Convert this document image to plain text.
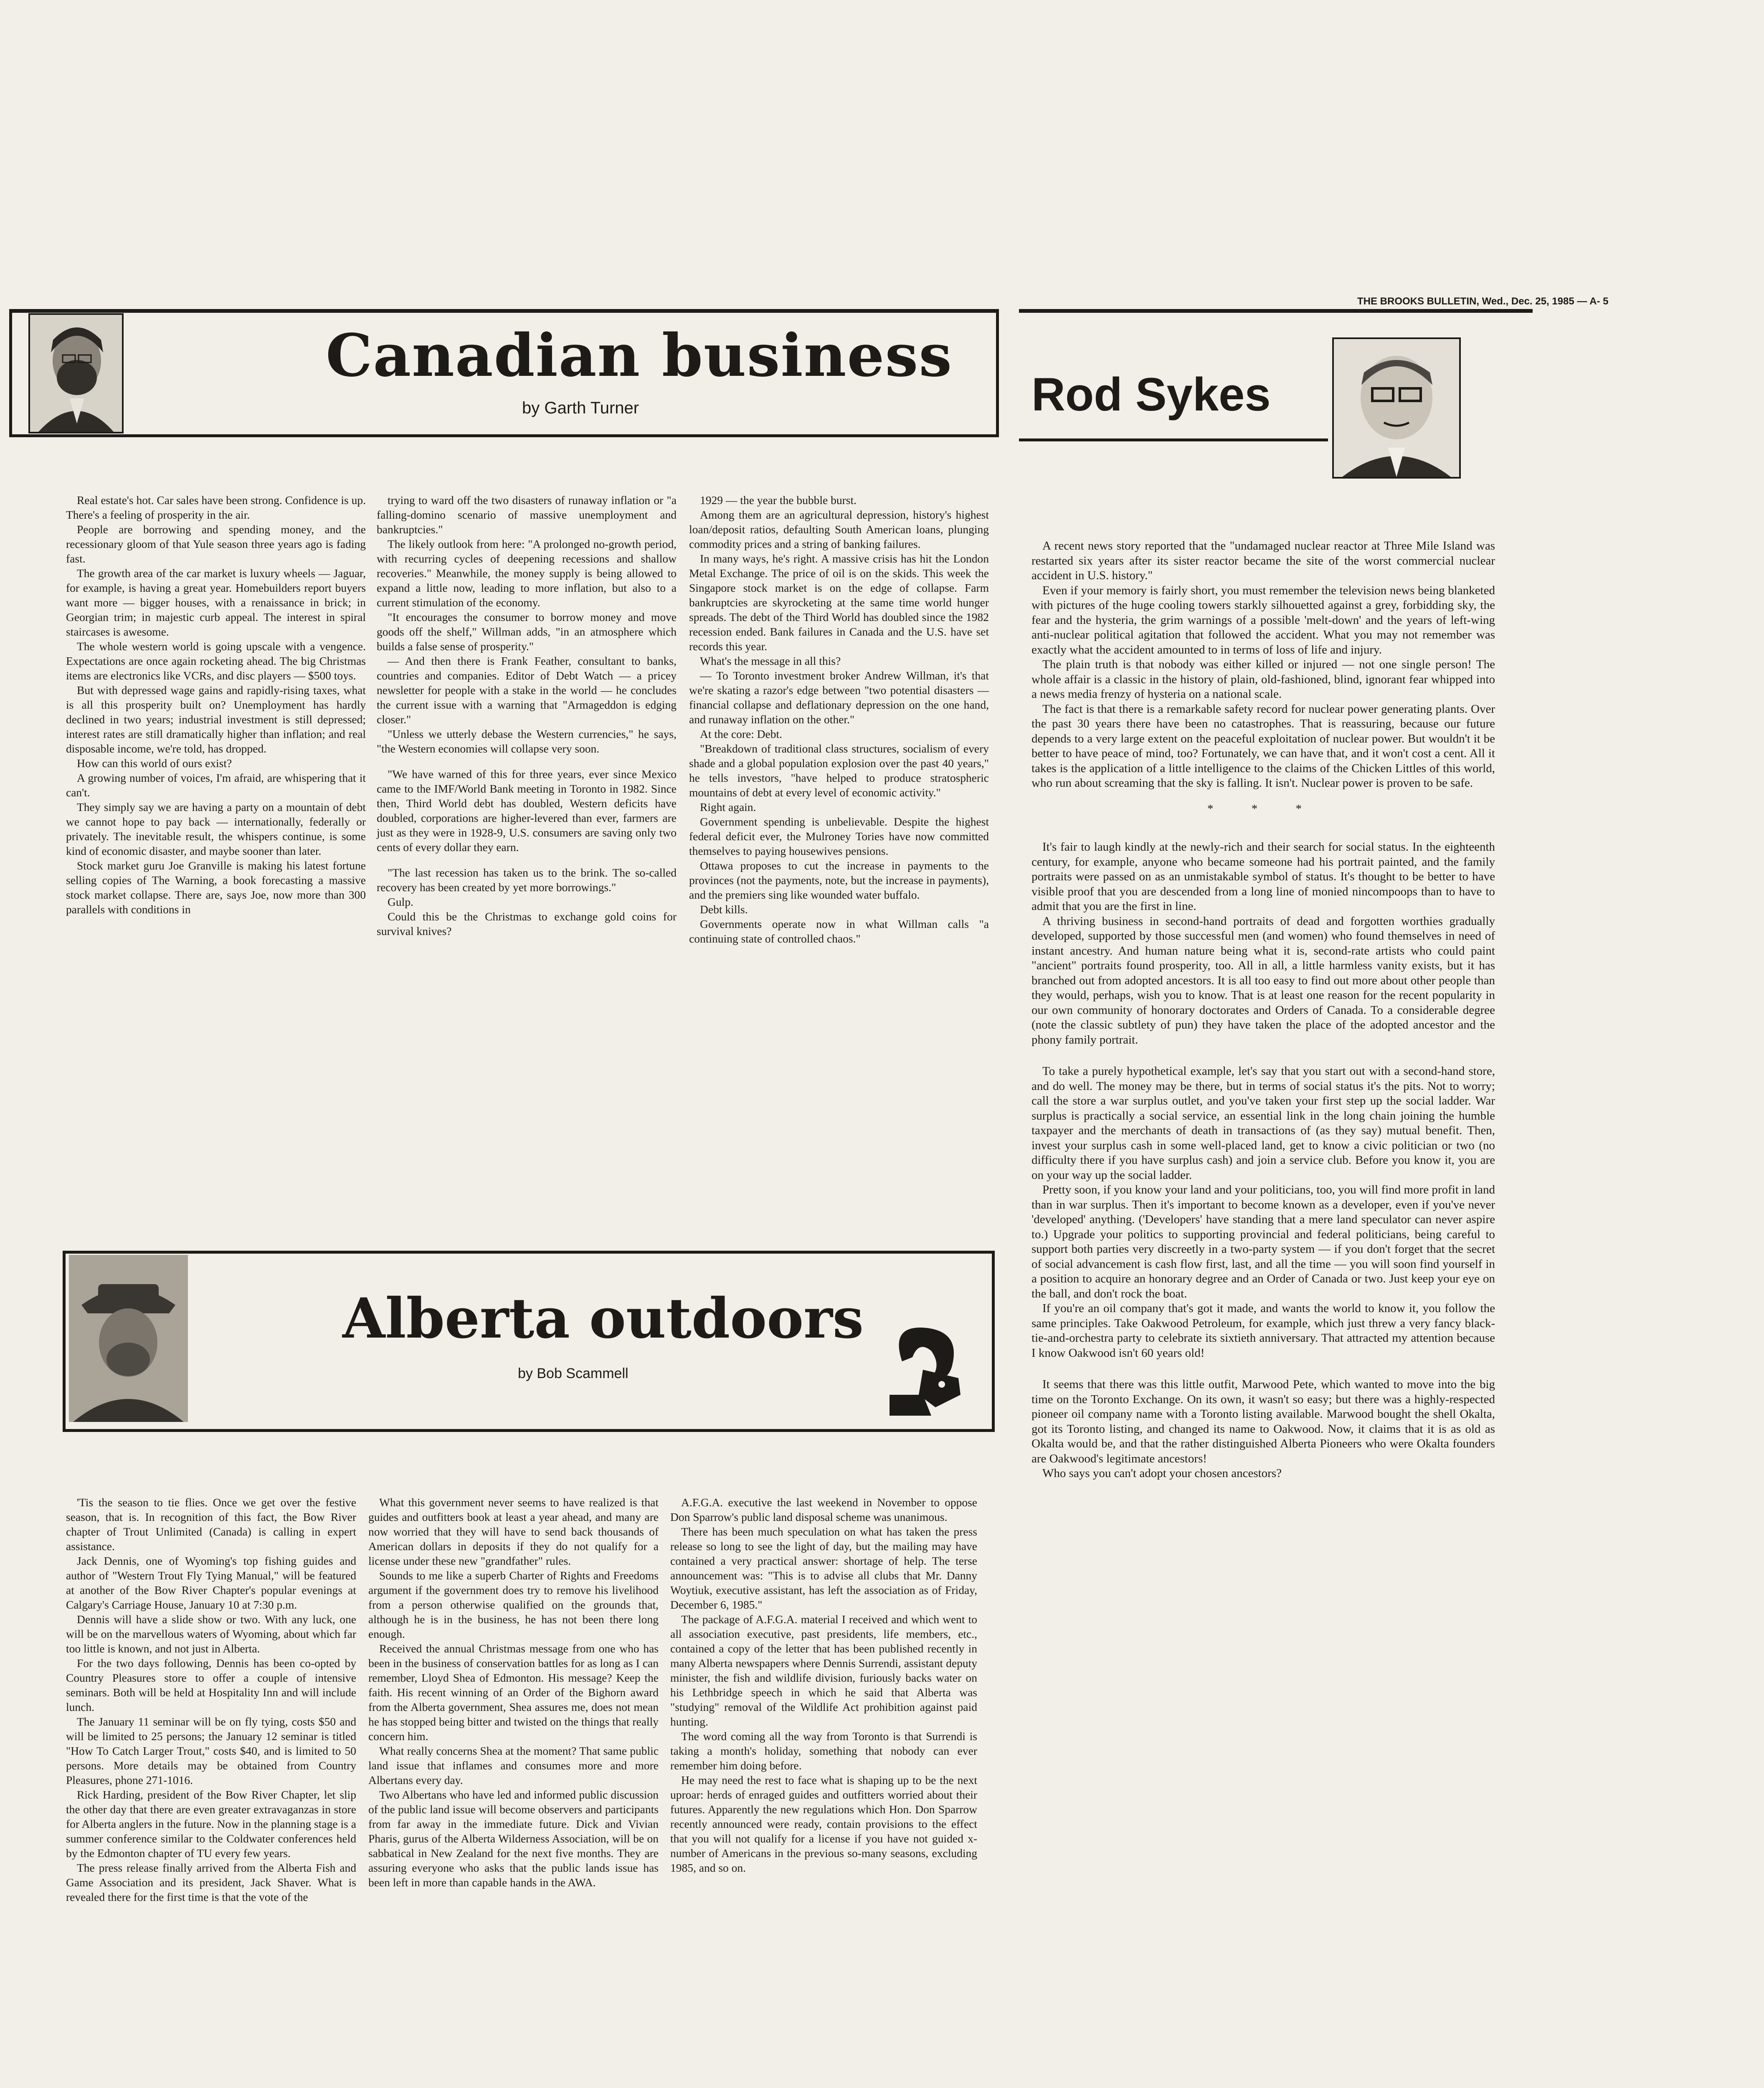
THE BROOKS BULLETIN, Wed., Dec. 25, 1985 — A- 5
Canadian business
by Garth Turner

Real estate's hot. Car sales have been strong. Confidence is up. There's a feeling of prosperity in the air.

People are borrowing and spending money, and the recessionary gloom of that Yule season three years ago is fading fast.

The growth area of the car market is luxury wheels — Jaguar, for example, is having a great year. Homebuilders report buyers want more — bigger houses, with a renaissance in brick; in Georgian trim; in majestic curb appeal. The interest in spiral staircases is awesome.

The whole western world is going upscale with a vengence. Expectations are once again rocketing ahead. The big Christmas items are electronics like VCRs, and disc players — $500 toys.

But with depressed wage gains and rapidly-rising taxes, what is all this prosperity built on? Unemployment has hardly declined in two years; industrial investment is still depressed; interest rates are still dramatically higher than inflation; and real disposable income, we're told, has dropped.

How can this world of ours exist?

A growing number of voices, I'm afraid, are whispering that it can't.

They simply say we are having a party on a mountain of debt we cannot hope to pay back — internationally, federally or privately. The inevitable result, the whispers continue, is some kind of economic disaster, and maybe sooner than later.

Stock market guru Joe Granville is making his latest fortune selling copies of The Warning, a book forecasting a massive stock market collapse. There are, says Joe, now more than 300 parallels with conditions in

trying to ward off the two disasters of runaway inflation or "a falling-domino scenario of massive unemployment and bankruptcies."

The likely outlook from here: "A prolonged no-growth period, with recurring cycles of deepening recessions and shallow recoveries." Meanwhile, the money supply is being allowed to expand a little now, leading to more inflation, but also to a current stimulation of the economy.

"It encourages the consumer to borrow money and move goods off the shelf," Willman adds, "in an atmosphere which builds a false sense of prosperity."

— And then there is Frank Feather, consultant to banks, countries and companies. Editor of Debt Watch — a pricey newsletter for people with a stake in the world — he concludes the current issue with a warning that "Armageddon is edging closer."

"Unless we utterly debase the Western currencies," he says, "the Western economies will collapse very soon.

"We have warned of this for three years, ever since Mexico came to the IMF/World Bank meeting in Toronto in 1982. Since then, Third World debt has doubled, Western deficits have doubled, corporations are higher-levered than ever, farmers are just as they were in 1928-9, U.S. consumers are saving only two cents of every dollar they earn.

"The last recession has taken us to the brink. The so-called recovery has been created by yet more borrowings."

Gulp.

Could this be the Christmas to exchange gold coins for survival knives?

1929 — the year the bubble burst.

Among them are an agricultural depression, history's highest loan/deposit ratios, defaulting South American loans, plunging commodity prices and a string of banking failures.

In many ways, he's right. A massive crisis has hit the London Metal Exchange. The price of oil is on the skids. This week the Singapore stock market is on the edge of collapse. Farm bankruptcies are skyrocketing at the same time world hunger spreads. The debt of the Third World has doubled since the 1982 recession ended. Bank failures in Canada and the U.S. have set records this year.

What's the message in all this?

— To Toronto investment broker Andrew Willman, it's that we're skating a razor's edge between "two potential disasters — financial collapse and deflationary depression on the one hand, and runaway inflation on the other."

At the core: Debt.

"Breakdown of traditional class structures, socialism of every shade and a global population explosion over the past 40 years," he tells investors, "have helped to produce stratospheric mountains of debt at every level of economic activity."

Right again.

Government spending is unbelievable. Despite the highest federal deficit ever, the Mulroney Tories have now committed themselves to paying housewives pensions.

Ottawa proposes to cut the increase in payments to the provinces (not the payments, note, but the increase in payments), and the premiers sing like wounded water buffalo.

Debt kills.

Governments operate now in what Willman calls "a continuing state of controlled chaos."

Rod Sykes

A recent news story reported that the "undamaged nuclear reactor at Three Mile Island was restarted six years after its sister reactor became the site of the worst commercial nuclear accident in U.S. history."

Even if your memory is fairly short, you must remember the television news being blanketed with pictures of the huge cooling towers starkly silhouetted against a grey, forbidding sky, the fear and the hysteria, the grim warnings of a possible 'melt-down' and the years of left-wing anti-nuclear political agitation that followed the accident. What you may not remember was exactly what the accident amounted to in terms of loss of life and injury.

The plain truth is that nobody was either killed or injured — not one single person! The whole affair is a classic in the history of plain, old-fashioned, blind, ignorant fear whipped into a news media frenzy of hysteria on a national scale.

The fact is that there is a remarkable safety record for nuclear power generating plants. Over the past 30 years there have been no catastrophes. That is reassuring, because our future depends to a very large extent on the peaceful exploitation of nuclear power. But wouldn't it be better to have peace of mind, too? Fortunately, we can have that, and it won't cost a cent. All it takes is the application of a little intelligence to the claims of the Chicken Littles of this world, who run about screaming that the sky is falling. It isn't. Nuclear power is proven to be safe.

* * *

It's fair to laugh kindly at the newly-rich and their search for social status. In the eighteenth century, for example, anyone who became someone had his portrait painted, and the family portraits were passed on as an unmistakable symbol of status. It's thought to be better to have visible proof that you are descended from a long line of monied nincompoops than to have to admit that you are the first in line.

A thriving business in second-hand portraits of dead and forgotten worthies gradually developed, supported by those successful men (and women) who found themselves in need of instant ancestry. And human nature being what it is, second-rate artists who could paint "ancient" portraits found prosperity, too. All in all, a little harmless vanity exists, but it has branched out from adopted ancestors. It is all too easy to find out more about other people than they would, perhaps, wish you to know. That is at least one reason for the recent popularity in our own community of honorary doctorates and Orders of Canada. To a considerable degree (note the classic subtlety of pun) they have taken the place of the adopted ancestor and the phony family portrait.

To take a purely hypothetical example, let's say that you start out with a second-hand store, and do well. The money may be there, but in terms of social status it's the pits. Not to worry; call the store a war surplus outlet, and you've taken your first step up the social ladder. War surplus is practically a social service, an essential link in the long chain joining the humble taxpayer and the merchants of death in transactions of (as they say) mutual benefit. Then, invest your surplus cash in some well-placed land, get to know a civic politician or two (no difficulty there if you have surplus cash) and join a service club. Before you know it, you are on your way up the social ladder.

Pretty soon, if you know your land and your politicians, too, you will find more profit in land than in war surplus. Then it's important to become known as a developer, even if you've never 'developed' anything. ('Developers' have standing that a mere land speculator can never aspire to.) Upgrade your politics to supporting provincial and federal politicians, being careful to support both parties very discreetly in a two-party system — if you don't forget that the secret of social advancement is cash flow first, last, and all the time — you will soon find yourself in a position to acquire an honorary degree and an Order of Canada or two. Just keep your eye on the ball, and don't rock the boat.

If you're an oil company that's got it made, and wants the world to know it, you follow the same principles. Take Oakwood Petroleum, for example, which just threw a very fancy black-tie-and-orchestra party to celebrate its sixtieth anniversary. That attracted my attention because I know Oakwood isn't 60 years old!

It seems that there was this little outfit, Marwood Pete, which wanted to move into the big time on the Toronto Exchange. On its own, it wasn't so easy; but there was a highly-respected pioneer oil company name with a Toronto listing available. Marwood bought the shell Okalta, got its Toronto listing, and changed its name to Oakwood. Now, it claims that it is as old as Okalta would be, and that the rather distinguished Alberta Pioneers who were Okalta founders are Oakwood's legitimate ancestors!

Who says you can't adopt your chosen ancestors?

Alberta outdoors
by Bob Scammell

'Tis the season to tie flies. Once we get over the festive season, that is. In recognition of this fact, the Bow River chapter of Trout Unlimited (Canada) is calling in expert assistance.

Jack Dennis, one of Wyoming's top fishing guides and author of "Western Trout Fly Tying Manual," will be featured at another of the Bow River Chapter's popular evenings at Calgary's Carriage House, January 10 at 7:30 p.m.

Dennis will have a slide show or two. With any luck, one will be on the marvellous waters of Wyoming, about which far too little is known, and not just in Alberta.

For the two days following, Dennis has been co-opted by Country Pleasures store to offer a couple of intensive seminars. Both will be held at Hospitality Inn and will include lunch.

The January 11 seminar will be on fly tying, costs $50 and will be limited to 25 persons; the January 12 seminar is titled "How To Catch Larger Trout," costs $40, and is limited to 50 persons. More details may be obtained from Country Pleasures, phone 271-1016.

Rick Harding, president of the Bow River Chapter, let slip the other day that there are even greater extravaganzas in store for Alberta anglers in the future. Now in the planning stage is a summer conference similar to the Coldwater conferences held by the Edmonton chapter of TU every few years.

The press release finally arrived from the Alberta Fish and Game Association and its president, Jack Shaver. What is revealed there for the first time is that the vote of the

What this government never seems to have realized is that guides and outfitters book at least a year ahead, and many are now worried that they will have to send back thousands of American dollars in deposits if they do not qualify for a license under these new "grandfather" rules.

Sounds to me like a superb Charter of Rights and Freedoms argument if the government does try to remove his livelihood from a person otherwise qualified on the grounds that, although he is in the business, he has not been there long enough.

Received the annual Christmas message from one who has been in the business of conservation battles for as long as I can remember, Lloyd Shea of Edmonton. His message? Keep the faith. His recent winning of an Order of the Bighorn award from the Alberta government, Shea assures me, does not mean he has stopped being bitter and twisted on the things that really concern him.

What really concerns Shea at the moment? That same public land issue that inflames and consumes more and more Albertans every day.

Two Albertans who have led and informed public discussion of the public land issue will become observers and participants from far away in the immediate future. Dick and Vivian Pharis, gurus of the Alberta Wilderness Association, will be on sabbatical in New Zealand for the next five months. They are assuring everyone who asks that the public lands issue has been left in more than capable hands in the AWA.

A.F.G.A. executive the last weekend in November to oppose Don Sparrow's public land disposal scheme was unanimous.

There has been much speculation on what has taken the press release so long to see the light of day, but the mailing may have contained a very practical answer: shortage of help. The terse announcement was: "This is to advise all clubs that Mr. Danny Woytiuk, executive assistant, has left the association as of Friday, December 6, 1985."

The package of A.F.G.A. material I received and which went to all association executive, past presidents, life members, etc., contained a copy of the letter that has been published recently in many Alberta newspapers where Dennis Surrendi, assistant deputy minister, the fish and wildlife division, furiously backs water on his Lethbridge speech in which he said that Alberta was "studying" removal of the Wildlife Act prohibition against paid hunting.

The word coming all the way from Toronto is that Surrendi is taking a month's holiday, something that nobody can ever remember him doing before.

He may need the rest to face what is shaping up to be the next uproar: herds of enraged guides and outfitters worried about their futures. Apparently the new regulations which Hon. Don Sparrow recently announced were ready, contain provisions to the effect that you will not qualify for a license if you have not guided x-number of Americans in the previous so-many seasons, excluding 1985, and so on.
